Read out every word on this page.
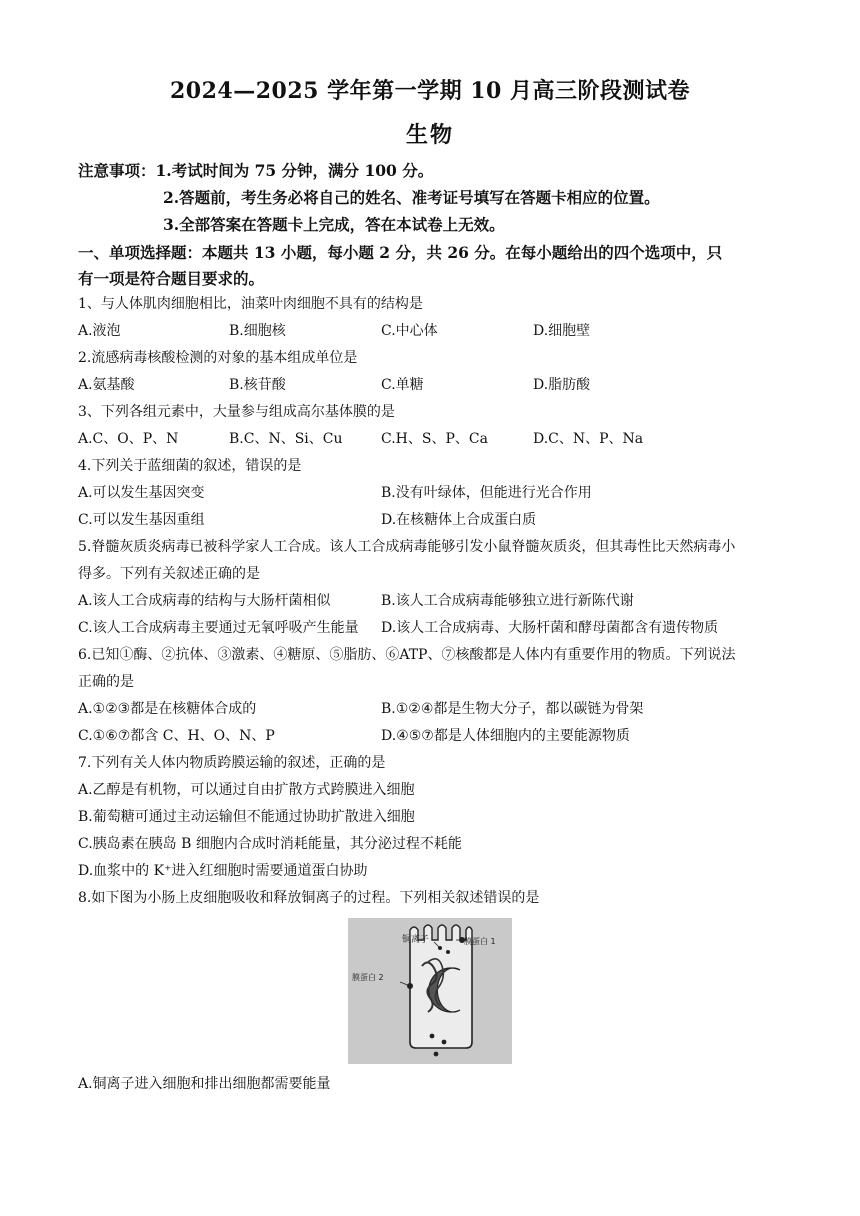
2024—2025 学年第一学期 10 月高三阶段测试卷
生物
注意事项：1.考试时间为 75 分钟，满分 100 分。
2.答题前，考生务必将自己的姓名、准考证号填写在答题卡相应的位置。
3.全部答案在答题卡上完成，答在本试卷上无效。
一、单项选择题：本题共 13 小题，每小题 2 分，共 26 分。在每小题给出的四个选项中，只
有一项是符合题目要求的。
1、与人体肌肉细胞相比，油菜叶肉细胞不具有的结构是
A.液泡	B.细胞核	C.中心体	D.细胞壁
2.流感病毒核酸检测的对象的基本组成单位是
A.氨基酸	B.核苷酸	C.单糖	D.脂肪酸
3、下列各组元素中，大量参与组成高尔基体膜的是
A.C、O、P、N	B.C、N、Si、Cu	C.H、S、P、Ca	D.C、N、P、Na
4.下列关于蓝细菌的叙述，错误的是
A.可以发生基因突变	B.没有叶绿体，但能进行光合作用
C.可以发生基因重组	D.在核糖体上合成蛋白质
5.脊髓灰质炎病毒已被科学家人工合成。该人工合成病毒能够引发小鼠脊髓灰质炎，但其毒性比天然病毒小
得多。下列有关叙述正确的是
A.该人工合成病毒的结构与大肠杆菌相似	B.该人工合成病毒能够独立进行新陈代谢
C.该人工合成病毒主要通过无氧呼吸产生能量 D.该人工合成病毒、大肠杆菌和酵母菌都含有遗传物质
6.已知①酶、②抗体、③激素、④糖原、⑤脂肪、⑥ATP、⑦核酸都是人体内有重要作用的物质。下列说法
正确的是
A.①②③都是在核糖体合成的	B.①②④都是生物大分子，都以碳链为骨架
C.①⑥⑦都含 C、H、O、N、P	D.④⑤⑦都是人体细胞内的主要能源物质
7.下列有关人体内物质跨膜运输的叙述，正确的是
A.乙醇是有机物，可以通过自由扩散方式跨膜进入细胞
B.葡萄糖可通过主动运输但不能通过协助扩散进入细胞
C.胰岛素在胰岛 B 细胞内合成时消耗能量，其分泌过程不耗能
D.血浆中的 K⁺进入红细胞时需要通道蛋白协助
8.如下图为小肠上皮细胞吸收和释放铜离子的过程。下列相关叙述错误的是
铜离子	膜蛋白 1
膜蛋白 2
A.铜离子进入细胞和排出细胞都需要能量
